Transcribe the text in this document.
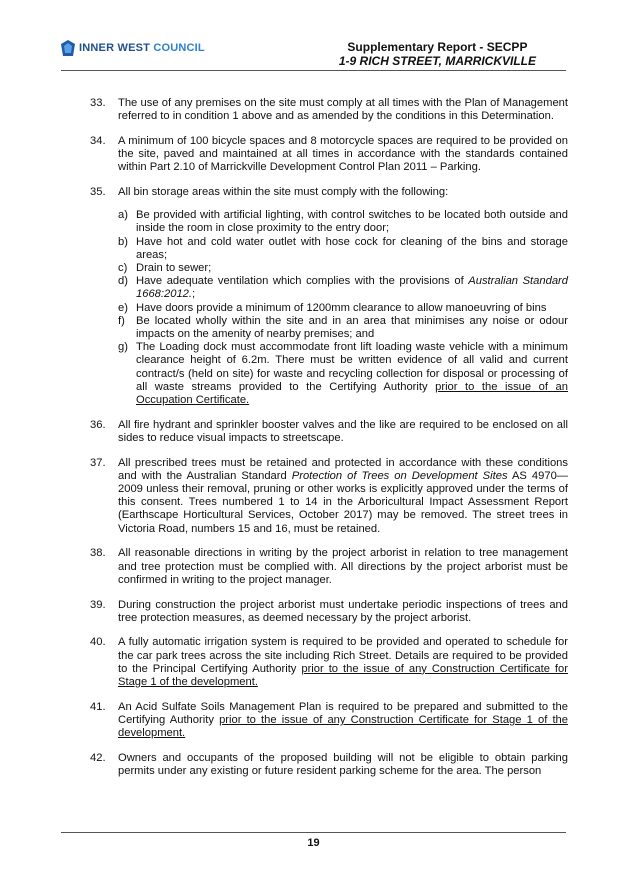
INNER WEST COUNCIL	Supplementary Report - SECPP
1-9 RICH STREET, MARRICKVILLE
33. The use of any premises on the site must comply at all times with the Plan of Management referred to in condition 1 above and as amended by the conditions in this Determination.

34. A minimum of 100 bicycle spaces and 8 motorcycle spaces are required to be provided on the site, paved and maintained at all times in accordance with the standards contained within Part 2.10 of Marrickville Development Control Plan 2011 – Parking.

35. All bin storage areas within the site must comply with the following:

a) Be provided with artificial lighting, with control switches to be located both outside and inside the room in close proximity to the entry door;
b) Have hot and cold water outlet with hose cock for cleaning of the bins and storage areas;
c) Drain to sewer;
d) Have adequate ventilation which complies with the provisions of Australian Standard 1668:2012.;
e) Have doors provide a minimum of 1200mm clearance to allow manoeuvring of bins
f) Be located wholly within the site and in an area that minimises any noise or odour impacts on the amenity of nearby premises; and
g) The Loading dock must accommodate front lift loading waste vehicle with a minimum clearance height of 6.2m. There must be written evidence of all valid and current contract/s (held on site) for waste and recycling collection for disposal or processing of all waste streams provided to the Certifying Authority prior to the issue of an Occupation Certificate.
36. All fire hydrant and sprinkler booster valves and the like are required to be enclosed on all sides to reduce visual impacts to streetscape.

37. All prescribed trees must be retained and protected in accordance with these conditions and with the Australian Standard Protection of Trees on Development Sites AS 4970—2009 unless their removal, pruning or other works is explicitly approved under the terms of this consent. Trees numbered 1 to 14 in the Arboricultural Impact Assessment Report (Earthscape Horticultural Services, October 2017) may be removed. The street trees in Victoria Road, numbers 15 and 16, must be retained.

38. All reasonable directions in writing by the project arborist in relation to tree management and tree protection must be complied with. All directions by the project arborist must be confirmed in writing to the project manager.

39. During construction the project arborist must undertake periodic inspections of trees and tree protection measures, as deemed necessary by the project arborist.

40. A fully automatic irrigation system is required to be provided and operated to schedule for the car park trees across the site including Rich Street. Details are required to be provided to the Principal Certifying Authority prior to the issue of any Construction Certificate for Stage 1 of the development.

41. An Acid Sulfate Soils Management Plan is required to be prepared and submitted to the Certifying Authority prior to the issue of any Construction Certificate for Stage 1 of the development.

42. Owners and occupants of the proposed building will not be eligible to obtain parking permits under any existing or future resident parking scheme for the area. The person

19
